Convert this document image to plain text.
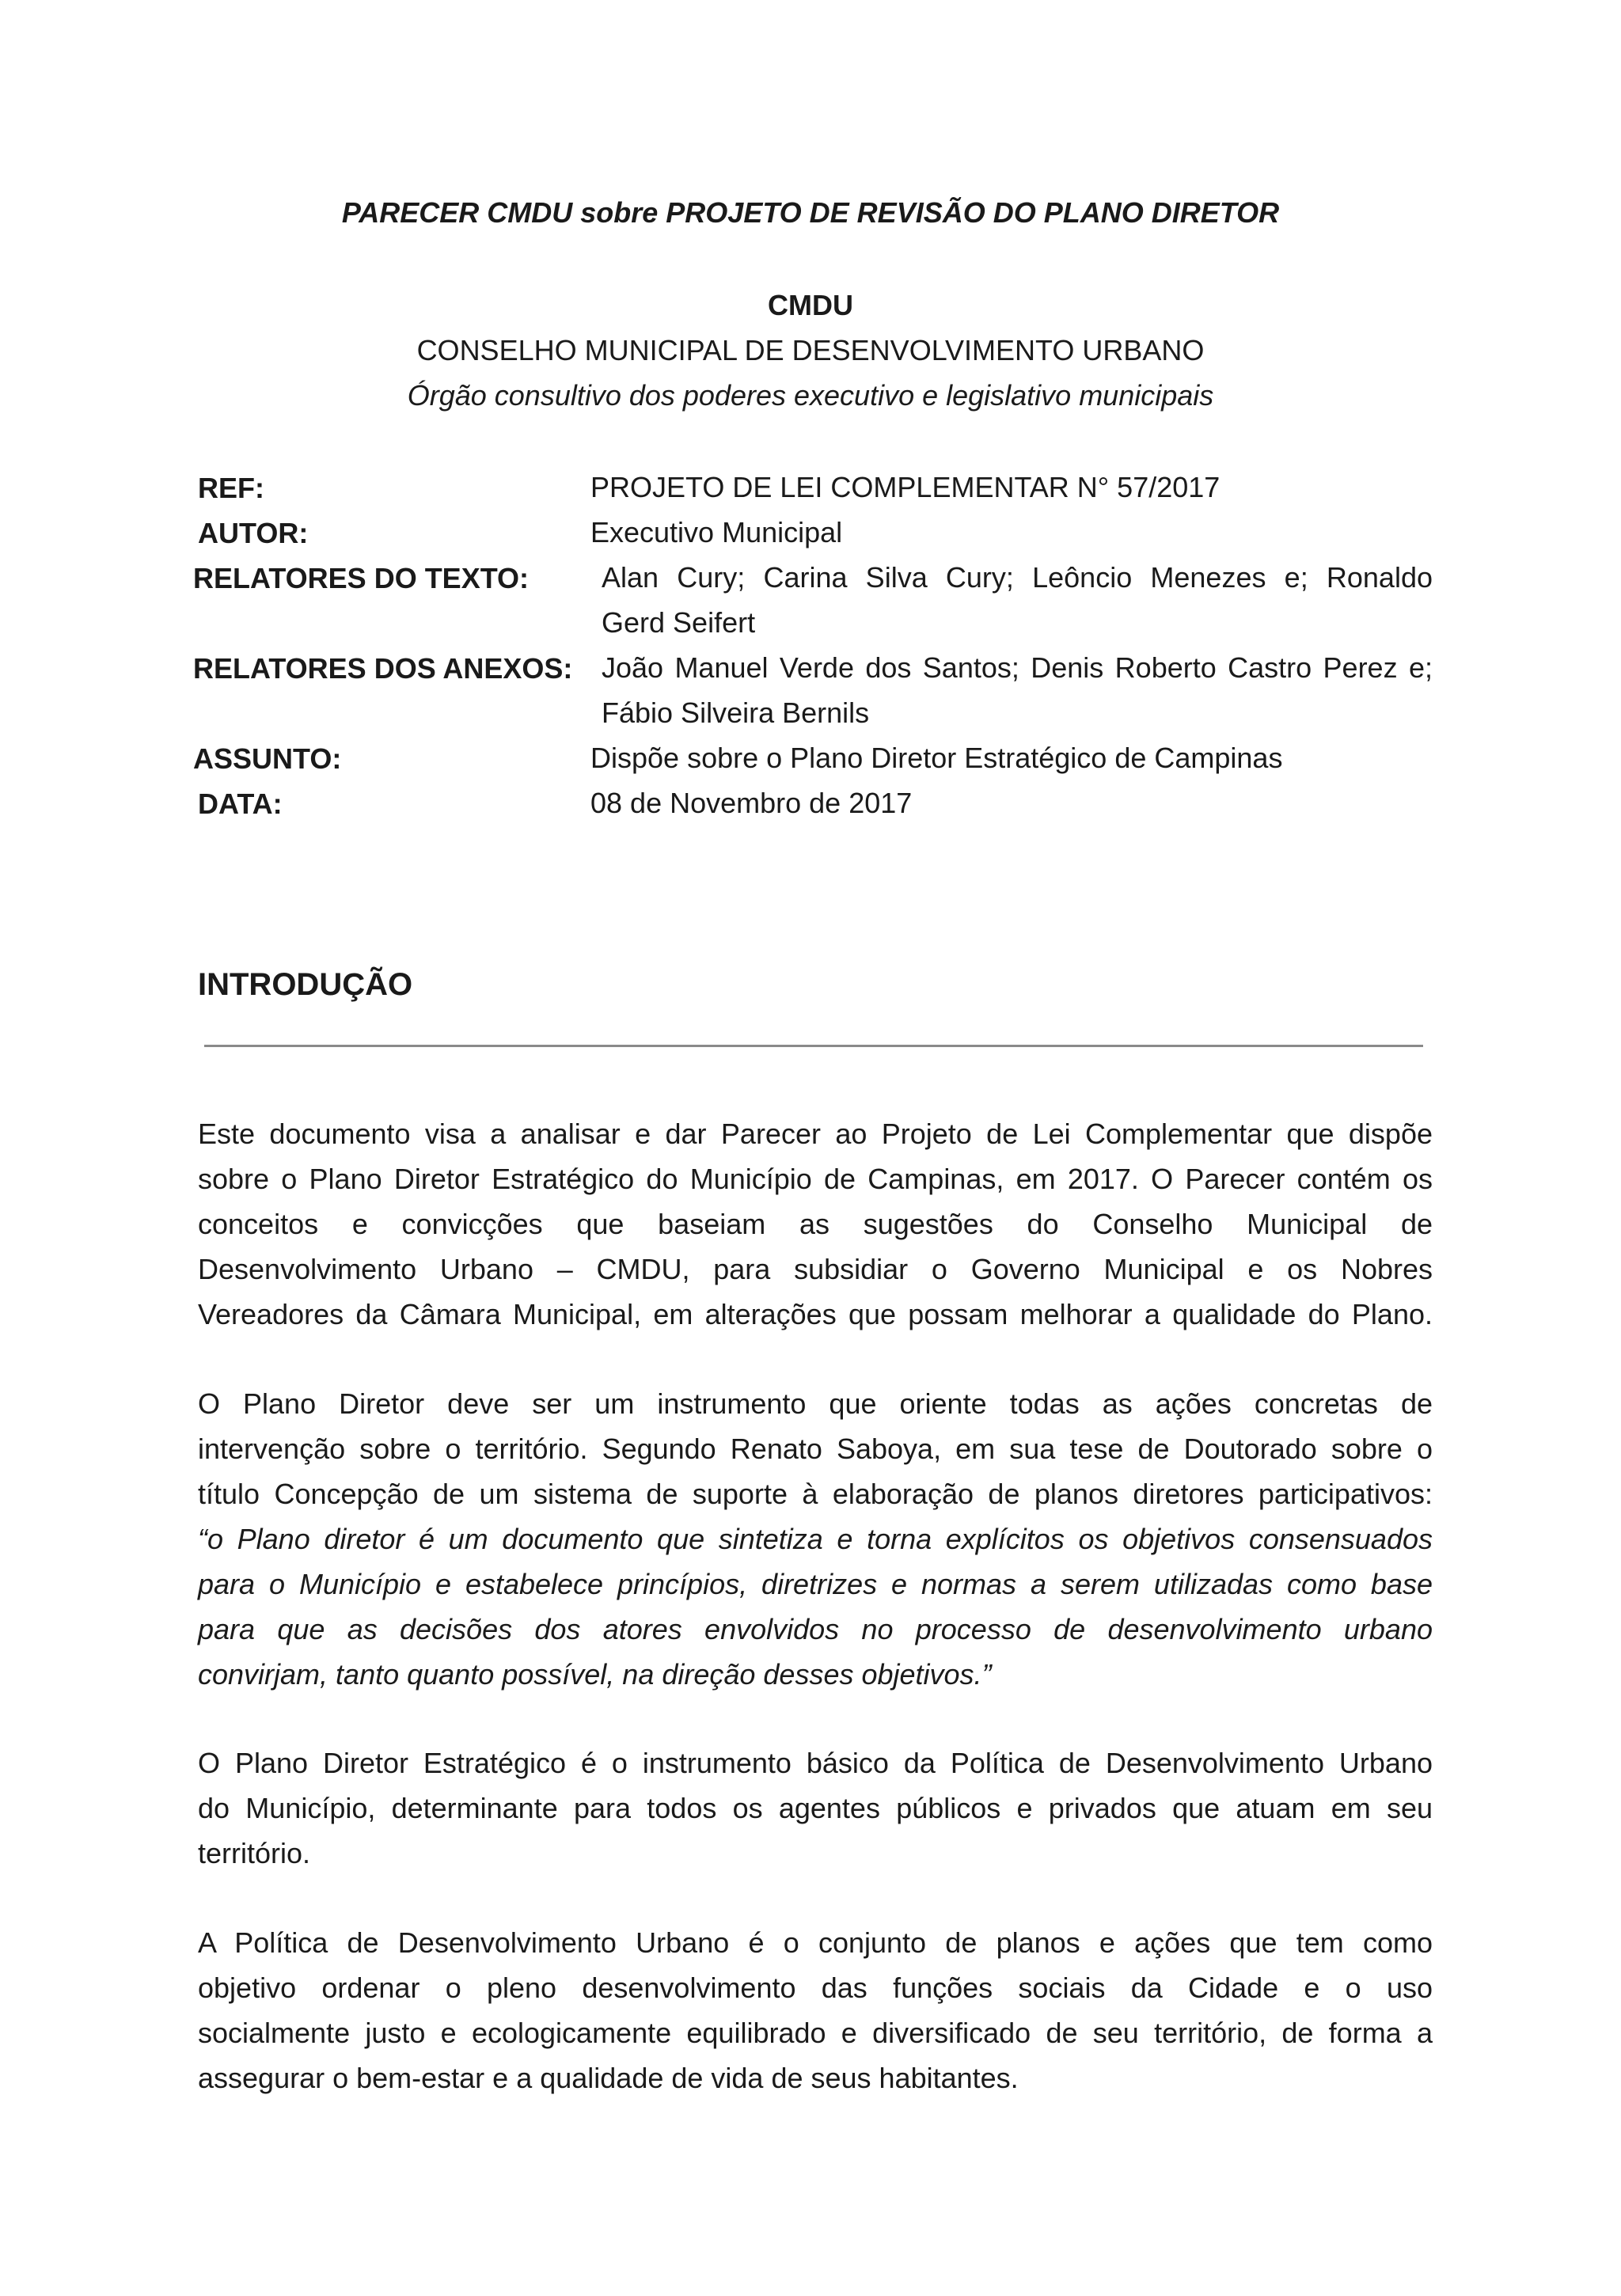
PARECER CMDU sobre PROJETO DE REVISÃO DO PLANO DIRETOR
CMDU
CONSELHO MUNICIPAL DE DESENVOLVIMENTO URBANO
Órgão consultivo dos poderes executivo e legislativo municipais
REF:	PROJETO DE LEI COMPLEMENTAR N° 57/2017
AUTOR:	Executivo Municipal
RELATORES DO TEXTO:	Alan Cury; Carina Silva Cury; Leôncio Menezes e; Ronaldo
Gerd Seifert
RELATORES DOS ANEXOS: João Manuel Verde dos Santos; Denis Roberto Castro Perez e;
Fábio Silveira Bernils
ASSUNTO:	Dispõe sobre o Plano Diretor Estratégico de Campinas
DATA:	08 de Novembro de 2017
INTRODUÇÃO
Este documento visa a analisar e dar Parecer ao Projeto de Lei Complementar que dispõe
sobre o Plano Diretor Estratégico do Município de Campinas, em 2017. O Parecer contém os
conceitos e convicções que baseiam as sugestões do Conselho Municipal de
Desenvolvimento Urbano – CMDU, para subsidiar o Governo Municipal e os Nobres
Vereadores da Câmara Municipal, em alterações que possam melhorar a qualidade do Plano.
O Plano Diretor deve ser um instrumento que oriente todas as ações concretas de
intervenção sobre o território. Segundo Renato Saboya, em sua tese de Doutorado sobre o
título Concepção de um sistema de suporte à elaboração de planos diretores participativos:
“o Plano diretor é um documento que sintetiza e torna explícitos os objetivos consensuados
para o Município e estabelece princípios, diretrizes e normas a serem utilizadas como base
para que as decisões dos atores envolvidos no processo de desenvolvimento urbano
convirjam, tanto quanto possível, na direção desses objetivos.”
O Plano Diretor Estratégico é o instrumento básico da Política de Desenvolvimento Urbano
do Município, determinante para todos os agentes públicos e privados que atuam em seu
território.
A Política de Desenvolvimento Urbano é o conjunto de planos e ações que tem como
objetivo ordenar o pleno desenvolvimento das funções sociais da Cidade e o uso
socialmente justo e ecologicamente equilibrado e diversificado de seu território, de forma a
assegurar o bem-estar e a qualidade de vida de seus habitantes.
